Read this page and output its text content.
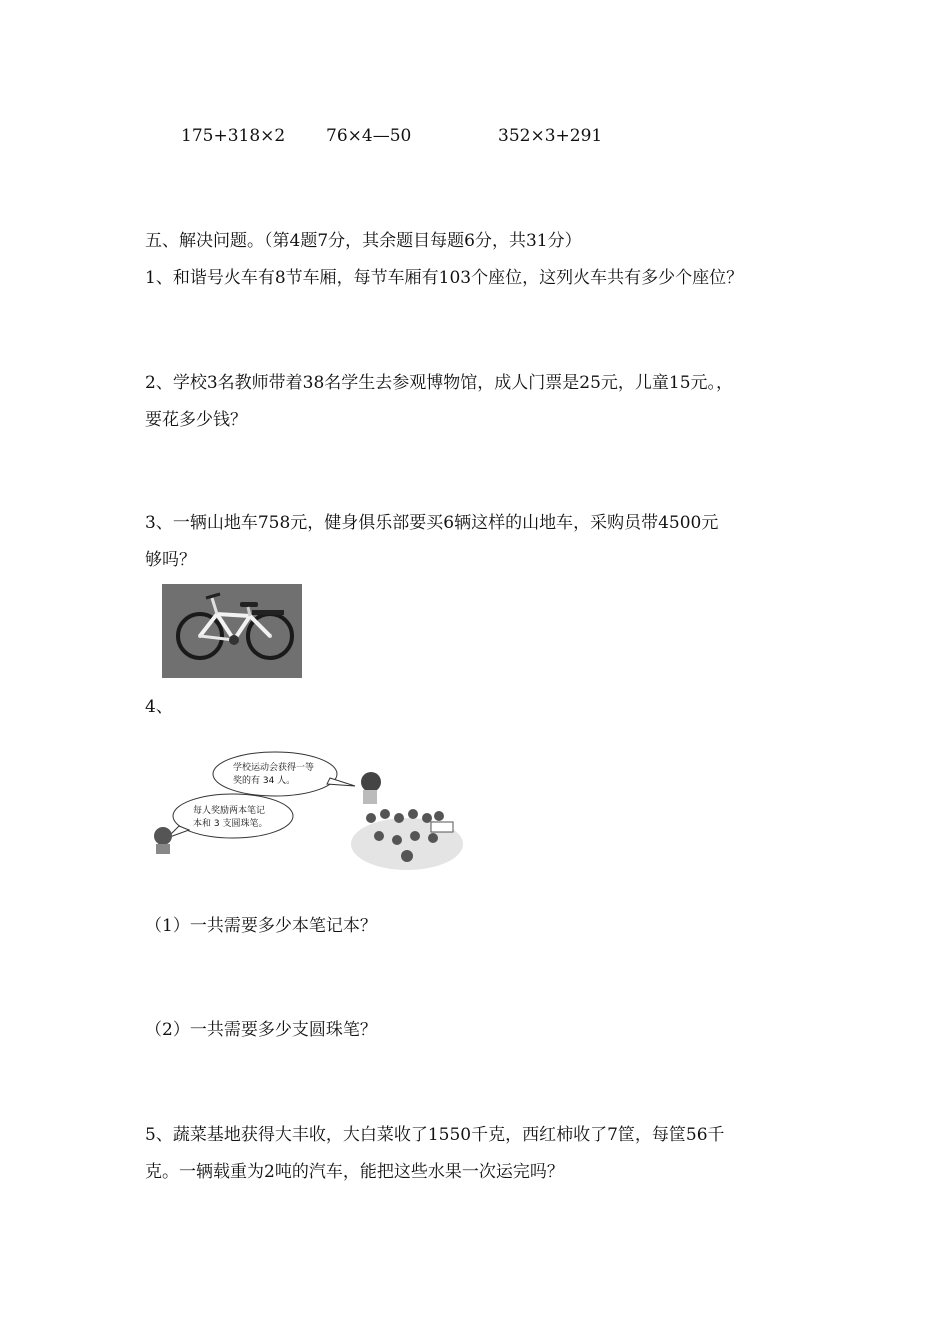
175+318×2 76×4—50	352×3+291
五、解决问题。（第4题7分，其余题目每题6分，共31分）
1、和谐号火车有8节车厢，每节车厢有103个座位，这列火车共有多少个座位？
2、学校3名教师带着38名学生去参观博物馆，成人门票是25元，儿童15元。，
要花多少钱？
3、一辆山地车758元，健身俱乐部要买6辆这样的山地车，采购员带4500元
够吗？
4、
学校运动会获得一等
奖的有 34 人。
每人奖励两本笔记
本和 3 支圆珠笔。
（1）一共需要多少本笔记本？
（2）一共需要多少支圆珠笔？
5、蔬菜基地获得大丰收，大白菜收了1550千克，西红柿收了7筐，每筐56千
克。一辆载重为2吨的汽车，能把这些水果一次运完吗？
